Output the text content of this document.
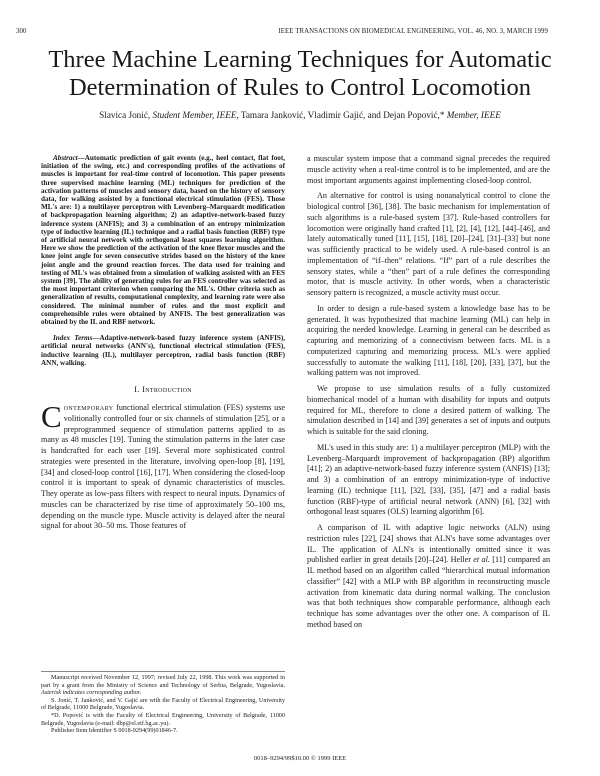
300	IEEE TRANSACTIONS ON BIOMEDICAL ENGINEERING, VOL. 46, NO. 3, MARCH 1999
Three Machine Learning Techniques for Automatic
Determination of Rules to Control Locomotion
Slavica Jonić, Student Member, IEEE, Tamara Janković, Vladimir Gajić, and Dejan Popović,* Member, IEEE

Abstract—Automatic prediction of gait events (e.g., heel contact, flat foot, initiation of the swing, etc.) and corresponding profiles of the activations of muscles is important for real-time control of locomotion. This paper presents three supervised machine learning (ML) techniques for prediction of the activation patterns of muscles and sensory data, based on the history of sensory data, for walking assisted by a functional electrical stimulation (FES). Those ML's are: 1) a multilayer perceptron with Levenberg–Marquardt modification of backpropagation learning algorithm; 2) an adaptive-network-based fuzzy inference system (ANFIS); and 3) a combination of an entropy minimization type of inductive learning (IL) technique and a radial basis function (RBF) type of artificial neural network with orthogonal least squares learning algorithm. Here we show the prediction of the activation of the knee flexor muscles and the knee joint angle for seven consecutive strides based on the history of the knee joint angle and the ground reaction forces. The data used for training and testing of ML's was obtained from a simulation of walking assisted with an FES system [39]. The ability of generating rules for an FES controller was selected as the most important criterion when comparing the ML's. Other criteria such as generalization of results, computational complexity, and learning rate were also considered. The minimal number of rules and the most explicit and comprehensible rules were obtained by ANFIS. The best generalization was obtained by the IL and RBF network.

Index Terms—Adaptive-network-based fuzzy inference system (ANFIS), artificial neural networks (ANN's), functional electrical stimulation (FES), inductive learning (IL), multilayer perceptron, radial basis function (RBF) ANN, walking.

I. Introduction

Contemporary functional electrical stimulation (FES) systems use volitionally controlled four or six channels of stimulation [25], or a preprogrammed sequence of stimulation patterns applied to as many as 48 muscles [19]. Tuning the stimulation patterns in the later case is handcrafted for each user [19]. Several more sophisticated control strategies were presented in the literature, involving open-loop [8], [19], [34] and closed-loop control [16], [17]. When considering the closed-loop control it is important to speak of dynamic characteristics of muscles. They operate as low-pass filters with respect to neural inputs. Dynamics of muscles can be characterized by rise time of approximately 50–100 ms, depending on the muscle type. Muscle activity is delayed after the neural signal for about 30–50 ms. Those features of

a muscular system impose that a command signal precedes the required muscle activity when a real-time control is to be implemented, and are the most important arguments against implementing closed-loop control.

An alternative for control is using nonanalytical control to clone the biological control [36], [38]. The basic mechanism for implementation of such algorithms is a rule-based system [37]. Rule-based controllers for locomotion were originally hand crafted [1], [2], [4], [12], [44]–[46], and lately automatically tuned [11], [15], [18], [20]–[24], [31]–[33] but none was sufficiently practical to be widely used. A rule-based control is an implementation of “if–then” relations. “If” part of a rule describes the sensory states, while a “then” part of a rule defines the corresponding motor, that is muscle activity. In other words, when a characteristic sensory pattern is recognized, a muscle activity must occur.

In order to design a rule-based system a knowledge base has to be generated. It was hypothesized that machine learning (ML) can help in acquiring the needed knowledge. Learning in general can be described as capturing and memorizing of a connectivism between facts. ML is a computerized capturing and memorizing process. ML's were applied successfully to automate the walking [11], [18], [20], [33], [37], but the walking pattern was not improved.

We propose to use simulation results of a fully customized biomechanical model of a human with disability for inputs and outputs required for ML, therefore to clone a desired pattern of walking. The simulation described in [14] and [39] generates a set of inputs and outputs which is suitable for the said cloning.

ML's used in this study are: 1) a multilayer perceptron (MLP) with the Levenberg–Marquardt improvement of backpropagation (BP) algorithm [41]; 2) an adaptive-network-based fuzzy inference system (ANFIS) [13]; and 3) a combination of an entropy minimization-type of inductive learning (IL) technique [11], [32], [33], [35], [47] and a radial basis function (RBF)-type of artificial neural network (ANN) [6], [32] with orthogonal least squares (OLS) learning algorithm [6].

A comparison of IL with adaptive logic networks (ALN) using restriction rules [22], [24] shows that ALN's have some advantages over IL. The application of ALN's is intentionally omitted since it was published earlier in great details [20]–[24]. Heller et al. [11] compared an IL method based on an algorithm called “hierarchical mutual information classifier” [42] with a MLP with BP algorithm in reconstructing muscle activation from kinematic data during normal walking. The conclusion was that both techniques show comparable performance, although each technique has some advantages over the other one. A comparison of IL method based on

Manuscript received November 12, 1997; revised July 22, 1998. This work was supported in part by a grant from the Ministry of Science and Technology of Serbia, Belgrade, Yugoslavia. Asterisk indicates corresponding author.

S. Jonić, T. Janković, and V. Gajić are with the Faculty of Electrical Engineering, University of Belgrade, 11000 Belgrade, Yugoslavia.

*D. Popović is with the Faculty of Electrical Engineering, University of Belgrade, 11000 Belgrade, Yugoslavia (e-mail: dbp@el.etf.bg.ac.yu).

Publisher Item Identifier S 0018-9294(99)01846-7.

0018–9294/99$10.00 © 1999 IEEE
